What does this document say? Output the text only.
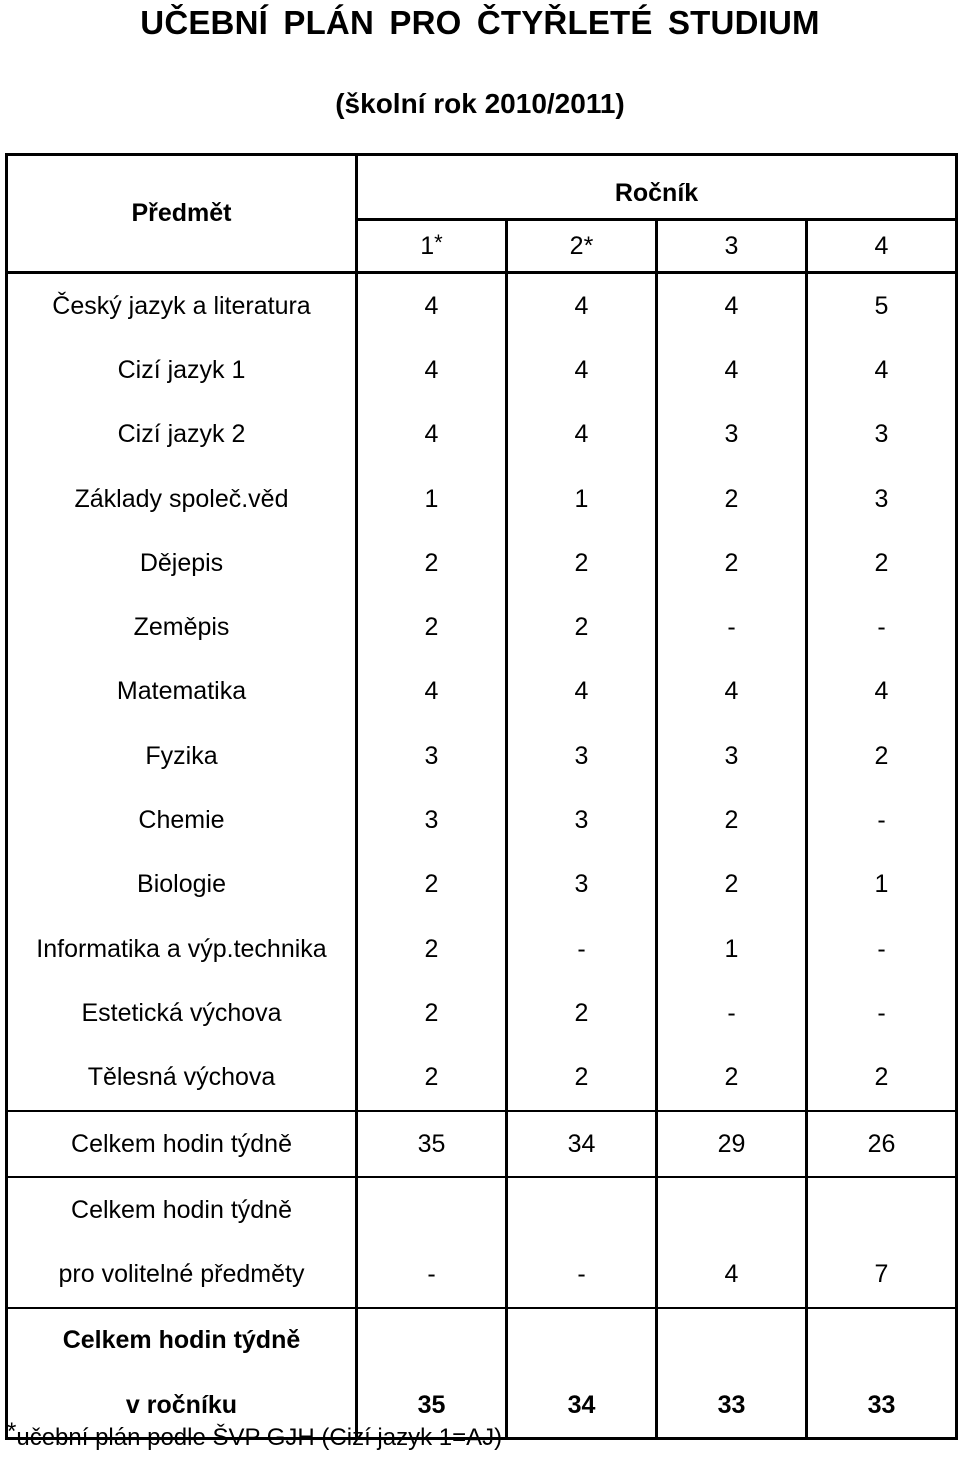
UČEBNÍ PLÁN PRO ČTYŘLETÉ STUDIUM
(školní rok 2010/2011)
Předmět	Ročník			
	1*	2*	3	4
Český jazyk a literatura	4	4	4	5
Cizí jazyk 1	4	4	4	4
Cizí jazyk 2	4	4	3	3
Základy společ.věd	1	1	2	3
Dějepis	2	2	2	2
Zeměpis	2	2	-	-
Matematika	4	4	4	4
Fyzika	3	3	3	2
Chemie	3	3	2	-
Biologie	2	3	2	1
Informatika a výp.technika	2	-	1	-
Estetická výchova	2	2	-	-
Tělesná výchova	2	2	2	2
Celkem hodin týdně	35	34	29	26
Celkem hodin týdně				
pro volitelné předměty	-	-	4	7
Celkem hodin týdně				
v ročníku	35	34	33	33
*učební plán podle ŠVP GJH (Cizí jazyk 1=AJ)
